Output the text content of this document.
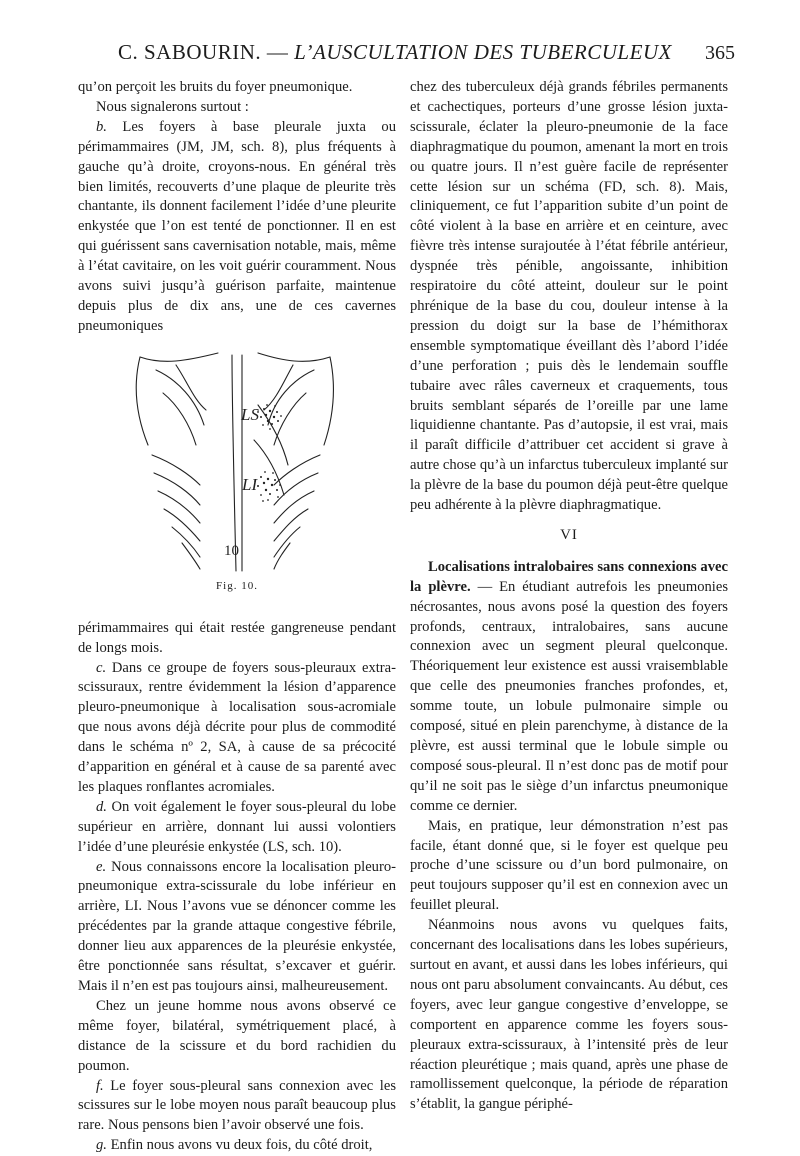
C. SABOURIN. — L’AUSCULTATION DES TUBERCULEUX 365

qu’on perçoit les bruits du foyer pneumonique.

Nous signalerons surtout :

b. Les foyers à base pleurale juxta ou périmammaires (JM, JM, sch. 8), plus fréquents à gauche qu’à droite, croyons-nous. En général très bien limités, recouverts d’une plaque de pleurite très chantante, ils donnent facilement l’idée d’une pleurite enkystée que l’on est tenté de ponctionner. Il en est qui guérissent sans cavernisation notable, mais, même à l’état cavitaire, on les voit guérir couramment. Nous avons suivi jusqu’à guérison parfaite, maintenue depuis plus de dix ans, une de ces cavernes pneumoniques

LS
LI
10
Fig. 10.

périmammaires qui était restée gangreneuse pendant de longs mois.

c. Dans ce groupe de foyers sous-pleuraux extra-scissuraux, rentre évidemment la lésion d’apparence pleuro-pneumonique à localisation sous-acromiale que nous avons déjà décrite pour plus de commodité dans le schéma nº 2, SA, à cause de sa précocité d’apparition en général et à cause de sa parenté avec les plaques ronflantes acromiales.

d. On voit également le foyer sous-pleural du lobe supérieur en arrière, donnant lui aussi volontiers l’idée d’une pleurésie enkystée (LS, sch. 10).

e. Nous connaissons encore la localisation pleuro-pneumonique extra-scissurale du lobe inférieur en arrière, LI. Nous l’avons vue se dénoncer comme les précédentes par la grande attaque congestive fébrile, donner lieu aux apparences de la pleurésie enkystée, être ponctionnée sans résultat, s’excaver et guérir. Mais il n’en est pas toujours ainsi, malheureusement.

Chez un jeune homme nous avons observé ce même foyer, bilatéral, symétriquement placé, à distance de la scissure et du bord rachidien du poumon.

f. Le foyer sous-pleural sans connexion avec les scissures sur le lobe moyen nous paraît beaucoup plus rare. Nous pensons bien l’avoir observé une fois.

g. Enfin nous avons vu deux fois, du côté droit,

chez des tuberculeux déjà grands fébriles permanents et cachectiques, porteurs d’une grosse lésion juxta-scissurale, éclater la pleuro-pneumonie de la face diaphragmatique du poumon, amenant la mort en trois ou quatre jours. Il n’est guère facile de représenter cette lésion sur un schéma (FD, sch. 8). Mais, cliniquement, ce fut l’apparition subite d’un point de côté violent à la base en arrière et en ceinture, avec fièvre très intense surajoutée à l’état fébrile antérieur, dyspnée très pénible, angoissante, inhibition respiratoire du côté atteint, douleur sur le point phrénique de la base du cou, douleur intense à la pression du doigt sur la base de l’hémithorax ensemble symptomatique éveillant dès l’abord l’idée d’une perforation ; puis dès le lendemain souffle tubaire avec râles caverneux et craquements, tous bruits semblant séparés de l’oreille par une lame liquidienne chantante. Pas d’autopsie, il est vrai, mais il paraît difficile d’attribuer cet accident si grave à autre chose qu’à un infarctus tuberculeux implanté sur la plèvre de la base du poumon déjà peut-être quelque peu adhérente à la plèvre diaphragmatique.

VI

Localisations intralobaires sans connexions avec la plèvre. — En étudiant autrefois les pneumonies nécrosantes, nous avons posé la question des foyers profonds, centraux, intralobaires, sans aucune connexion avec un segment pleural quelconque. Théoriquement leur existence est aussi vraisemblable que celle des pneumonies franches profondes, et, somme toute, un lobule pulmonaire simple ou composé, situé en plein parenchyme, à distance de la plèvre, est aussi terminal que le lobule simple ou composé sous-pleural. Il n’est donc pas de motif pour qu’il ne soit pas le siège d’un infarctus pneumonique comme ce dernier.

Mais, en pratique, leur démonstration n’est pas facile, étant donné que, si le foyer est quelque peu proche d’une scissure ou d’un bord pulmonaire, on peut toujours supposer qu’il est en connexion avec un feuillet pleural.

Néanmoins nous avons vu quelques faits, concernant des localisations dans les lobes supérieurs, surtout en avant, et aussi dans les lobes inférieurs, qui nous ont paru absolument convaincants. Au début, ces foyers, avec leur gangue congestive d’enveloppe, se comportent en apparence comme les foyers sous-pleuraux extra-scissuraux, à l’intensité près de leur réaction pleurétique ; mais quand, après une phase de ramollissement quelconque, la période de réparation s’établit, la gangue périphé-
